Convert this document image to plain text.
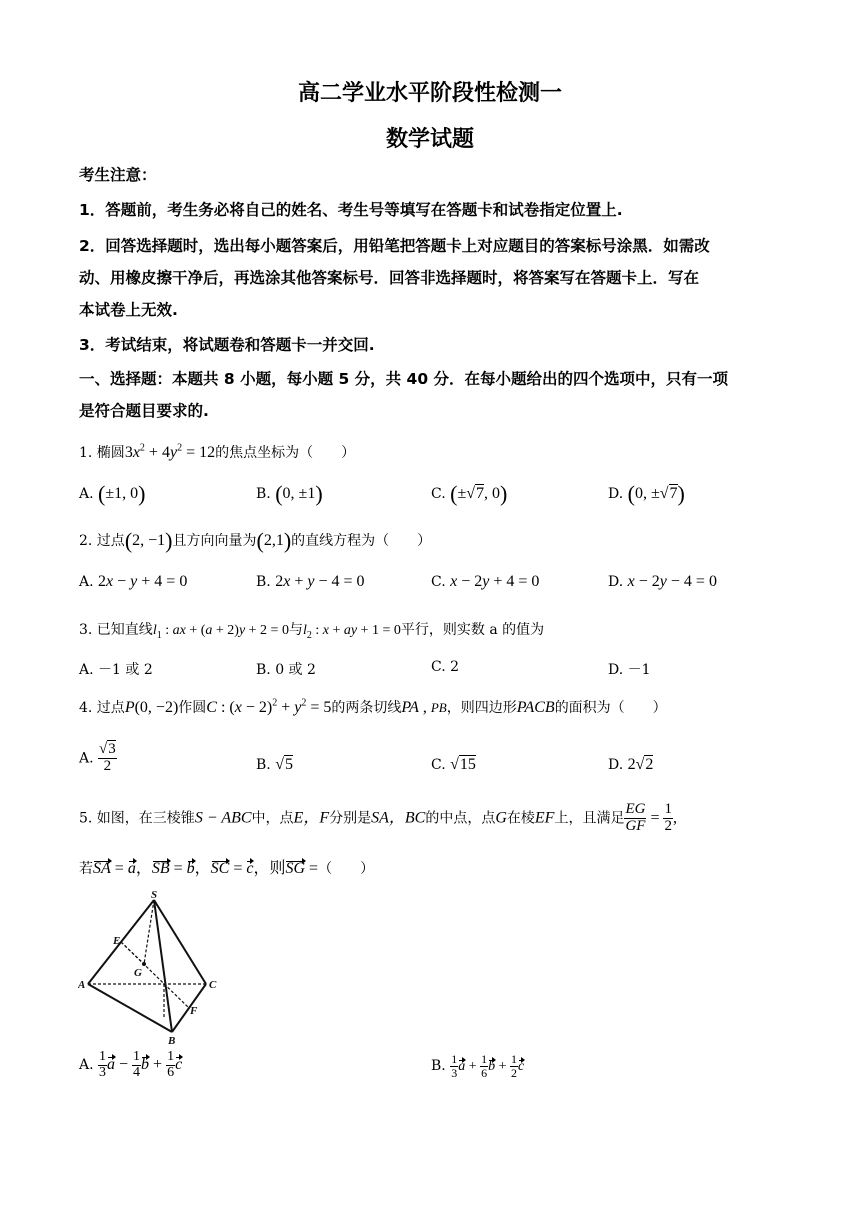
高二学业水平阶段性检测一
数学试题
考生注意：
1．答题前，考生务必将自己的姓名、考生号等填写在答题卡和试卷指定位置上.
2．回答选择题时，选出每小题答案后，用铅笔把答题卡上对应题目的答案标号涂黑．如需改
动、用橡皮擦干净后，再选涂其他答案标号．回答非选择题时，将答案写在答题卡上．写在
本试卷上无效.
3．考试结束，将试题卷和答题卡一并交回.
一、选择题：本题共 8 小题，每小题 5 分，共 40 分．在每小题给出的四个选项中，只有一项
是符合题目要求的.
1. 椭圆$3x^2 + 4y^2 = 12$的焦点坐标为（　　）
A. (±1, 0)	B. (0, ±1)	C. (±√7, 0)	D. (0, ±√7)
2. 过点(2, −1)且方向向量为(2,1)的直线方程为（　　）
A. 2x − y + 4 = 0	B. 2x + y − 4 = 0	C. x − 2y + 4 = 0	D. x − 2y − 4 = 0
3. 已知直线$l_1$ : ax + (a + 2)y + 2 = 0与$l_2$ : x + ay + 1 = 0平行，则实数 a 的值为
A. －1 或 2	B. 0 或 2	C. 2	D. －1
4. 过点P(0, −2)作圆C : $(x - 2)^2 + y^2 = 5$的两条切线PA , PB，则四边形PACB的面积为（　　）
A. $\frac{√3}{2}$	B. √5	C. √15	D. 2√2
5. 如图，在三棱锥S − ABC中，点E，F分别是SA，BC的中点，点G在棱EF上，且满足 $\frac{EG}{GF} = \frac{1}{2}$ ,
若SA = a，SB = b，SC = c，则SG =（　　）
S
E
G
A	C
F
B
A. $\frac{1}{3}$ $a - \frac{1}{4}$ $b + \frac{1}{6}$ c	B. $\frac{1}{3}$ $a + \frac{1}{6}$ $b + \frac{1}{2}$ c
